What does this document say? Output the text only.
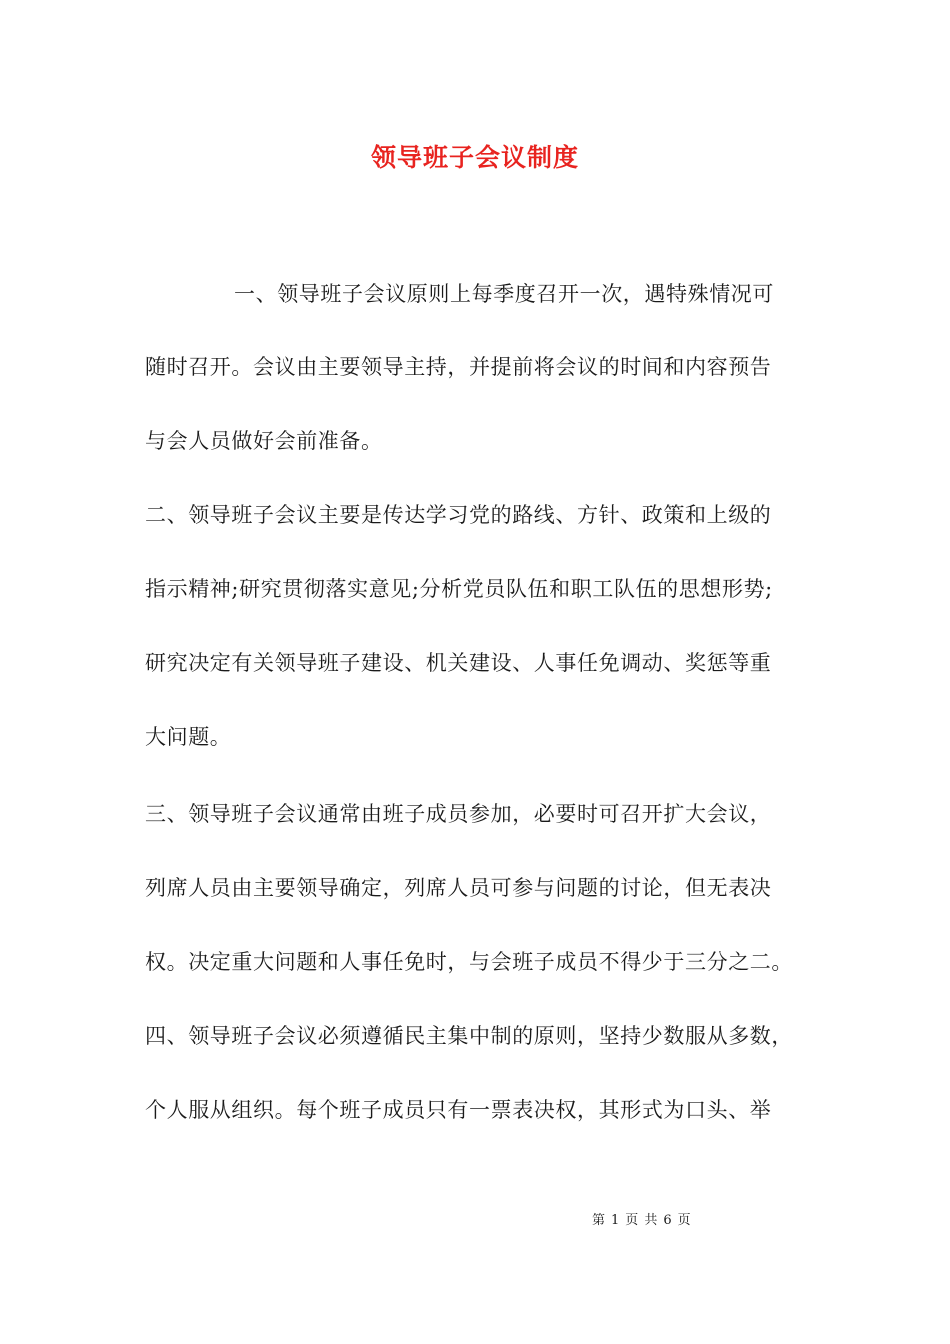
领导班子会议制度

一、领导班子会议原则上每季度召开一次，遇特殊情况可

随时召开。会议由主要领导主持，并提前将会议的时间和内容预告

与会人员做好会前准备。

二、领导班子会议主要是传达学习党的路线、方针、政策和上级的

指示精神;研究贯彻落实意见;分析党员队伍和职工队伍的思想形势;

研究决定有关领导班子建设、机关建设、人事任免调动、奖惩等重

大问题。

三、领导班子会议通常由班子成员参加，必要时可召开扩大会议，

列席人员由主要领导确定，列席人员可参与问题的讨论，但无表决

权。决定重大问题和人事任免时，与会班子成员不得少于三分之二。

四、领导班子会议必须遵循民主集中制的原则，坚持少数服从多数，

个人服从组织。每个班子成员只有一票表决权，其形式为口头、举

第 1 页 共 6 页
